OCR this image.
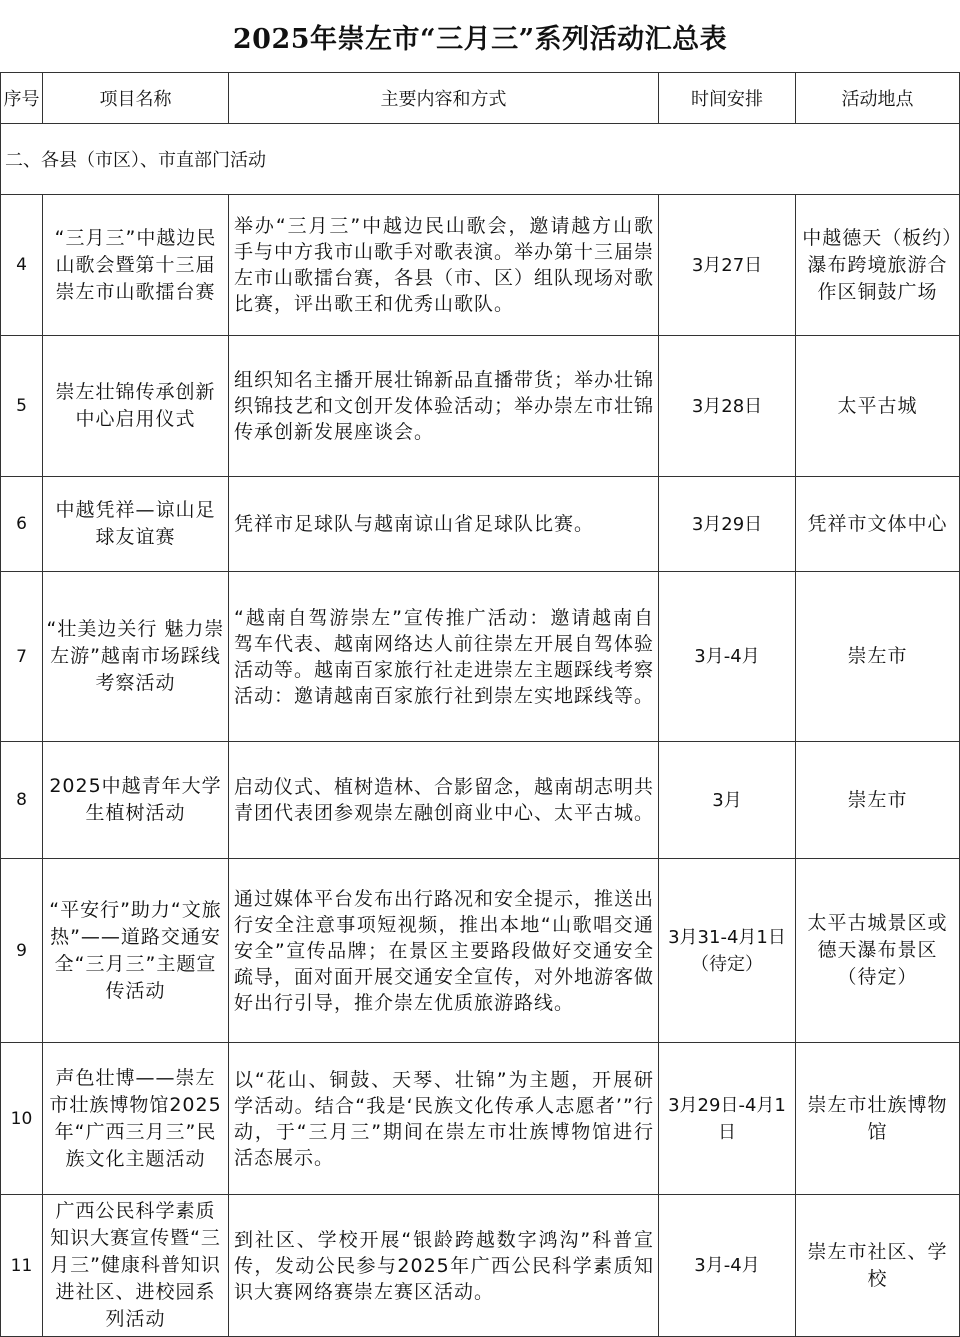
2025年崇左市“三月三”系列活动汇总表
序号	项目名称	主要内容和方式	时间安排	活动地点
二、各县（市区）、市直部门活动				
4	“三月三”中越边民山歌会暨第十三届崇左市山歌擂台赛	举办“三月三”中越边民山歌会，邀请越方山歌手与中方我市山歌手对歌表演。举办第十三届崇左市山歌擂台赛，各县（市、区）组队现场对歌比赛，评出歌王和优秀山歌队。	3月27日	中越德天（板约）瀑布跨境旅游合作区铜鼓广场
5	崇左壮锦传承创新中心启用仪式	组织知名主播开展壮锦新品直播带货；举办壮锦织锦技艺和文创开发体验活动；举办崇左市壮锦传承创新发展座谈会。	3月28日	太平古城
6	中越凭祥—谅山足球友谊赛	凭祥市足球队与越南谅山省足球队比赛。	3月29日	凭祥市文体中心
7	“壮美边关行 魅力崇左游”越南市场踩线考察活动	“越南自驾游崇左”宣传推广活动：邀请越南自驾车代表、越南网络达人前往崇左开展自驾体验活动等。越南百家旅行社走进崇左主题踩线考察活动：邀请越南百家旅行社到崇左实地踩线等。	3月-4月	崇左市
8	2025中越青年大学生植树活动	启动仪式、植树造林、合影留念，越南胡志明共青团代表团参观崇左融创商业中心、太平古城。	3月	崇左市
9	“平安行”助力“文旅热”——道路交通安全“三月三”主题宣传活动	通过媒体平台发布出行路况和安全提示，推送出行安全注意事项短视频，推出本地“山歌唱交通安全”宣传品牌；在景区主要路段做好交通安全疏导，面对面开展交通安全宣传，对外地游客做好出行引导，推介崇左优质旅游路线。	3月31-4月1日（待定）	太平古城景区或德天瀑布景区（待定）
10	声色壮博——崇左市壮族博物馆2025年“广西三月三”民族文化主题活动	以“花山、铜鼓、天琴、壮锦”为主题，开展研学活动。结合“我是‘民族文化传承人志愿者’”行动，于“三月三”期间在崇左市壮族博物馆进行活态展示。	3月29日-4月1日	崇左市壮族博物馆
11	广西公民科学素质知识大赛宣传暨“三月三”健康科普知识进社区、进校园系列活动	到社区、学校开展“银龄跨越数字鸿沟”科普宣传，发动公民参与2025年广西公民科学素质知识大赛网络赛崇左赛区活动。	3月-4月	崇左市社区、学校
